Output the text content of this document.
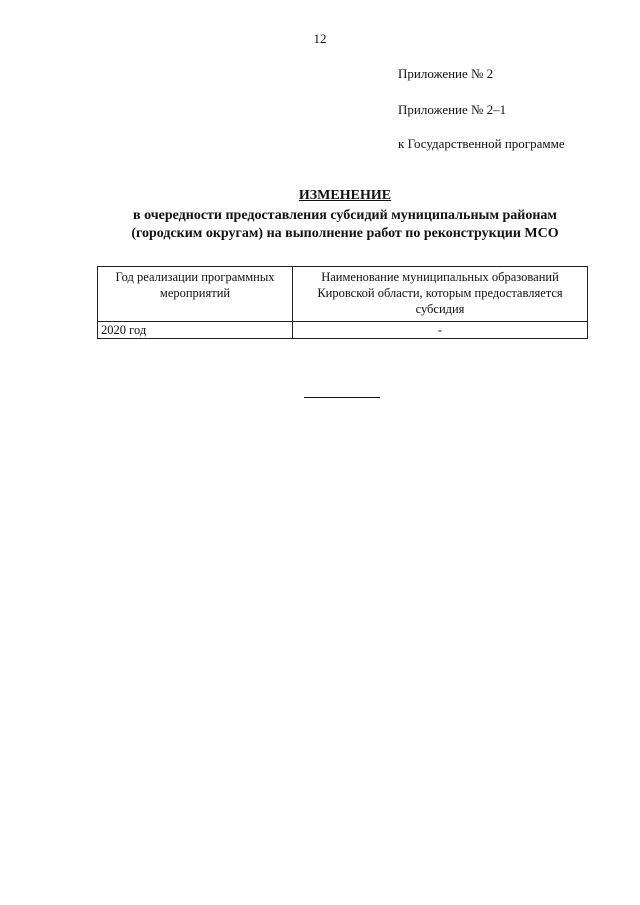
12
Приложение № 2
Приложение № 2–1
к Государственной программе
ИЗМЕНЕНИЕ
в очередности предоставления субсидий муниципальным районам
(городским округам) на выполнение работ по реконструкции МСО
Год реализации программных мероприятий	Наименование муниципальных образований Кировской области, которым предоставляется субсидия
2020 год	-
